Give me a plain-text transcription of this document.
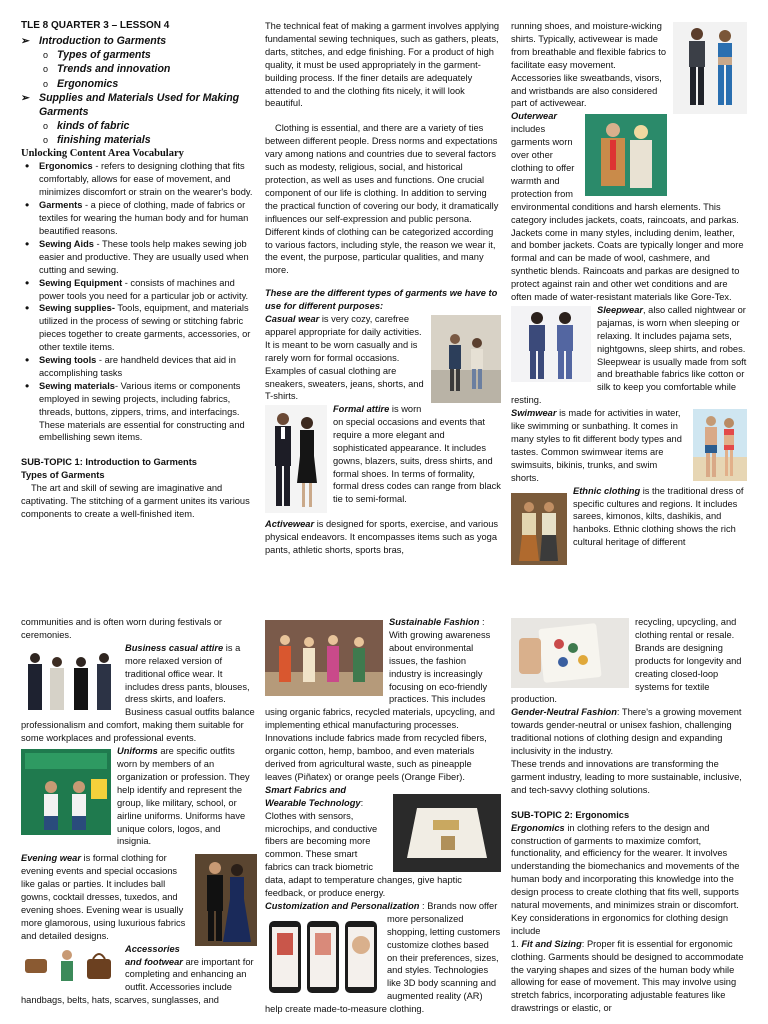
TLE 8 QUARTER 3 – LESSON 4

➢ Introduction to Garments
o Types of garments
o Trends and innovation
o Ergonomics
➢ Supplies and Materials Used for Making Garments
o kinds of fabric
o finishing materials

Unlocking Content Area Vocabulary

• Ergonomics - refers to designing clothing that fits comfortably, allows for ease of movement, and minimizes discomfort or strain on the wearer's body.
• Garments - a piece of clothing, made of fabrics or textiles for wearing the human body and for human beautified reasons.
• Sewing Aids - These tools help makes sewing job easier and productive. They are usually used when cutting and sewing.
• Sewing Equipment - consists of machines and power tools you need for a particular job or activity.
• Sewing supplies- Tools, equipment, and materials utilized in the process of sewing or stitching fabric pieces together to create garments, accessories, or other textile items.
• Sewing tools - are handheld devices that aid in accomplishing tasks
• Sewing materials- Various items or components employed in sewing projects, including fabrics, threads, buttons, zippers, trims, and interfacings. These materials are essential for constructing and embellishing sewn items.

SUB-TOPIC 1: Introduction to Garments

Types of Garments

The art and skill of sewing are imaginative and captivating. The stitching of a garment unites its various components to create a well-finished item.

The technical feat of making a garment involves applying fundamental sewing techniques, such as gathers, pleats, darts, stitches, and edge finishing. For a product of high quality, it must be used appropriately in the garment-building process. If the finer details are adequately attended to and the clothing fits nicely, it will look beautiful.

Clothing is essential, and there are a variety of ties between different people. Dress norms and expectations vary among nations and countries due to several factors such as modesty, religious, social, and historical protection, as well as uses and functions. One crucial component of our life is clothing. In addition to serving the practical function of covering our body, it dramatically influences our self-expression and public persona. Different kinds of clothing can be categorized according to various factors, including style, the reason we wear it, the event, the purpose, particular qualities, and many more.

These are the different types of garments we have to use for different purposes:

Casual wear is very cozy, carefree apparel appropriate for daily activities. It is meant to be worn casually and is rarely worn for formal occasions. Examples of casual clothing are sneakers, sweaters, jeans, shorts, and T-shirts.
Formal attire is worn on special occasions and events that require a more elegant and sophisticated appearance. It includes gowns, blazers, suits, dress shirts, and formal shoes. In terms of formality, formal dress codes can range from black tie to semi-formal.

Activewear is designed for sports, exercise, and various physical endeavors. It encompasses items such as yoga pants, athletic shorts, sports bras,

running shoes, and moisture-wicking shirts. Typically, activewear is made from breathable and flexible fabrics to facilitate easy movement. Accessories like sweatbands, visors, and wristbands are also considered part of activewear.
Outerwear includes garments worn over other clothing to offer warmth and protection from environmental conditions and harsh elements. This category includes jackets, coats, raincoats, and parkas. Jackets come in many styles, including denim, leather, and bomber jackets. Coats are typically longer and more formal and can be made of wool, cashmere, and synthetic blends. Raincoats and parkas are designed to protect against rain and other wet conditions and are often made of water-resistant materials like Gore-Tex.
Sleepwear, also called nightwear or pajamas, is worn when sleeping or relaxing. It includes pajama sets, nightgowns, sleep shirts, and robes. Sleepwear is usually made from soft and breathable fabrics like cotton or silk to keep you comfortable while resting.
Swimwear is made for activities in water, like swimming or sunbathing. It comes in many styles to fit different body types and tastes. Common swimwear items are swimsuits, bikinis, trunks, and swim shorts.
Ethnic clothing is the traditional dress of specific cultures and regions. It includes sarees, kimonos, kilts, dashikis, and hanboks. Ethnic clothing shows the rich cultural heritage of different

communities and is often worn during festivals or ceremonies.

Business casual attire is a more relaxed version of traditional office wear. It includes dress pants, blouses, dress skirts, and loafers. Business casual outfits balance professionalism and comfort, making them suitable for some workplaces and professional events.
Uniforms
are specific outfits worn by members of an organization or profession. They help identify and represent the group, like military, school, or airline uniforms. Uniforms have unique colors, logos, and insignia.
Evening wear is formal clothing for evening events and special occasions like galas or parties. It includes ball gowns, cocktail dresses, tuxedos, and evening shoes. Evening wear is usually more glamorous, using luxurious fabrics and detailed designs.
Accessories and footwear are important for completing and enhancing an outfit. Accessories include handbags, belts, hats, scarves, sunglasses, and
Sustainable Fashion : With growing awareness about environmental issues, the fashion industry is increasingly focusing on eco-friendly practices. This includes using organic fabrics, recycled materials, upcycling, and implementing ethical manufacturing processes. Innovations include fabrics made from recycled fibers, organic cotton, hemp, bamboo, and even materials derived from agricultural waste, such as pineapple leaves (Piñatex) or orange peels (Orange Fiber).
Smart Fabrics and Wearable Technology: Clothes with sensors, microchips, and conductive fibers are becoming more common. These smart fabrics can track biometric data, adapt to temperature changes, give haptic feedback, or produce energy.
Customization and Personalization : Brands now offer more personalized shopping, letting customers customize clothes based on their preferences, sizes, and styles. Technologies like 3D body scanning and augmented reality (AR) help create made-to-measure clothing.
recycling, upcycling, and clothing rental or resale. Brands are designing products for longevity and creating closed-loop systems for textile production.

Gender-Neutral Fashion: There's a growing movement towards gender-neutral or unisex fashion, challenging traditional notions of clothing design and expanding inclusivity in the industry.

These trends and innovations are transforming the garment industry, leading to more sustainable, inclusive, and tech-savvy clothing solutions.

SUB-TOPIC 2: Ergonomics

Ergonomics in clothing refers to the design and construction of garments to maximize comfort, functionality, and efficiency for the wearer. It involves understanding the biomechanics and movements of the human body and incorporating this knowledge into the design process to create clothing that fits well, supports natural movements, and minimizes strain or discomfort.

Key considerations in ergonomics for clothing design include

1. Fit and Sizing: Proper fit is essential for ergonomic clothing. Garments should be designed to accommodate the varying shapes and sizes of the human body while allowing for ease of movement. This may involve using stretch fabrics, incorporating adjustable features like drawstrings or elastic, or
